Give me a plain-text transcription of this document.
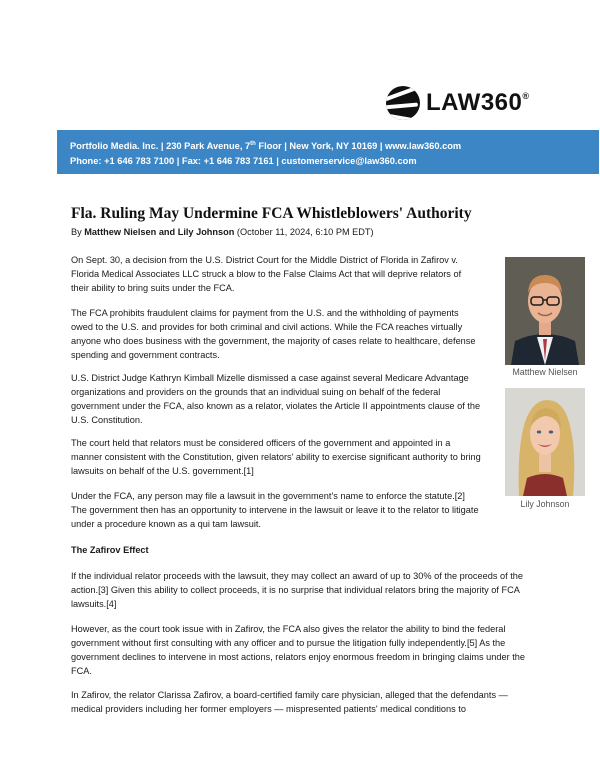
LAW360®
Portfolio Media. Inc. | 230 Park Avenue, 7th Floor | New York, NY 10169 | www.law360.com
Phone: +1 646 783 7100 | Fax: +1 646 783 7161 | customerservice@law360.com
Fla. Ruling May Undermine FCA Whistleblowers' Authority
By Matthew Nielsen and Lily Johnson (October 11, 2024, 6:10 PM EDT)

On Sept. 30, a decision from the U.S. District Court for the Middle District of Florida in Zafirov v. Florida Medical Associates LLC struck a blow to the False Claims Act that will deprive relators of their ability to bring suits under the FCA.

The FCA prohibits fraudulent claims for payment from the U.S. and the withholding of payments owed to the U.S. and provides for both criminal and civil actions. While the FCA reaches virtually anyone who does business with the government, the majority of cases relate to healthcare, defense spending and government contracts.

U.S. District Judge Kathryn Kimball Mizelle dismissed a case against several Medicare Advantage organizations and providers on the grounds that an individual suing on behalf of the federal government under the FCA, also known as a relator, violates the Article II appointments clause of the U.S. Constitution.

The court held that relators must be considered officers of the government and appointed in a manner consistent with the Constitution, given relators' ability to exercise significant authority to bring lawsuits on behalf of the U.S. government.[1]

Under the FCA, any person may file a lawsuit in the government's name to enforce the statute.[2] The government then has an opportunity to intervene in the lawsuit or leave it to the relator to litigate under a procedure known as a qui tam lawsuit.

The Zafirov Effect

If the individual relator proceeds with the lawsuit, they may collect an award of up to 30% of the proceeds of the action.[3] Given this ability to collect proceeds, it is no surprise that individual relators bring the majority of FCA lawsuits.[4]

However, as the court took issue with in Zafirov, the FCA also gives the relator the ability to bind the federal government without first consulting with any officer and to pursue the litigation fully independently.[5] As the government declines to intervene in most actions, relators enjoy enormous freedom in bringing claims under the FCA.

In Zafirov, the relator Clarissa Zafirov, a board-certified family care physician, alleged that the defendants — medical providers including her former employers — mispresented patients' medical conditions to

Matthew Nielsen
Lily Johnson
